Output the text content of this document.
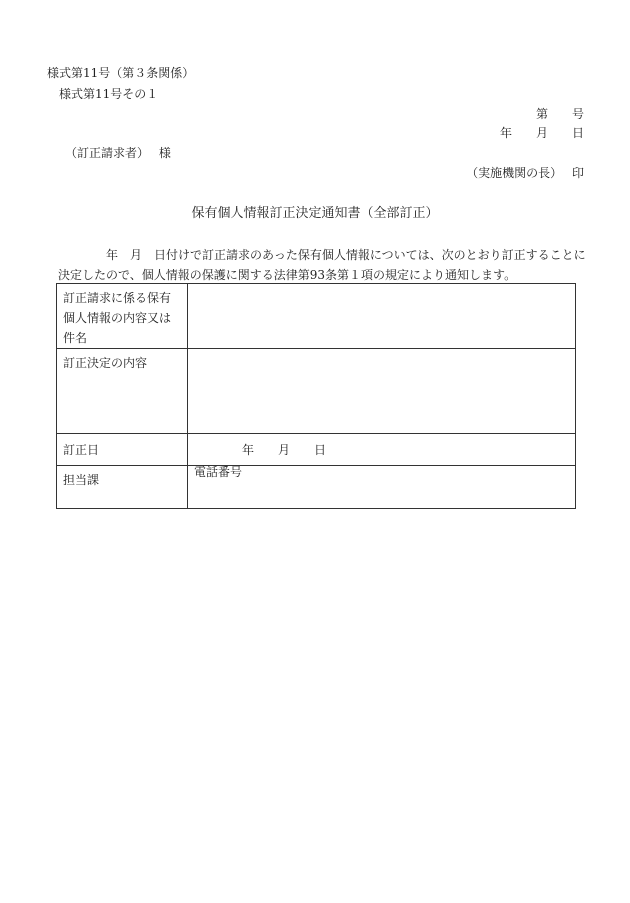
様式第11号（第３条関係）
様式第11号その１
第　　号
年　　月　　日
（訂正請求者）　 様
（実施機関の長）　 印
保有個人情報訂正決定通知書（全部訂正）
年　月　日付けで訂正請求のあった保有個人情報については、次のとおり訂正することに決定したので、個人情報の保護に関する法律第93条第１項の規定により通知します。
訂正請求に係る保有個人情報の内容又は件名	
訂正決定の内容	
訂正日	年　　月　　日
担当課	電話番号
